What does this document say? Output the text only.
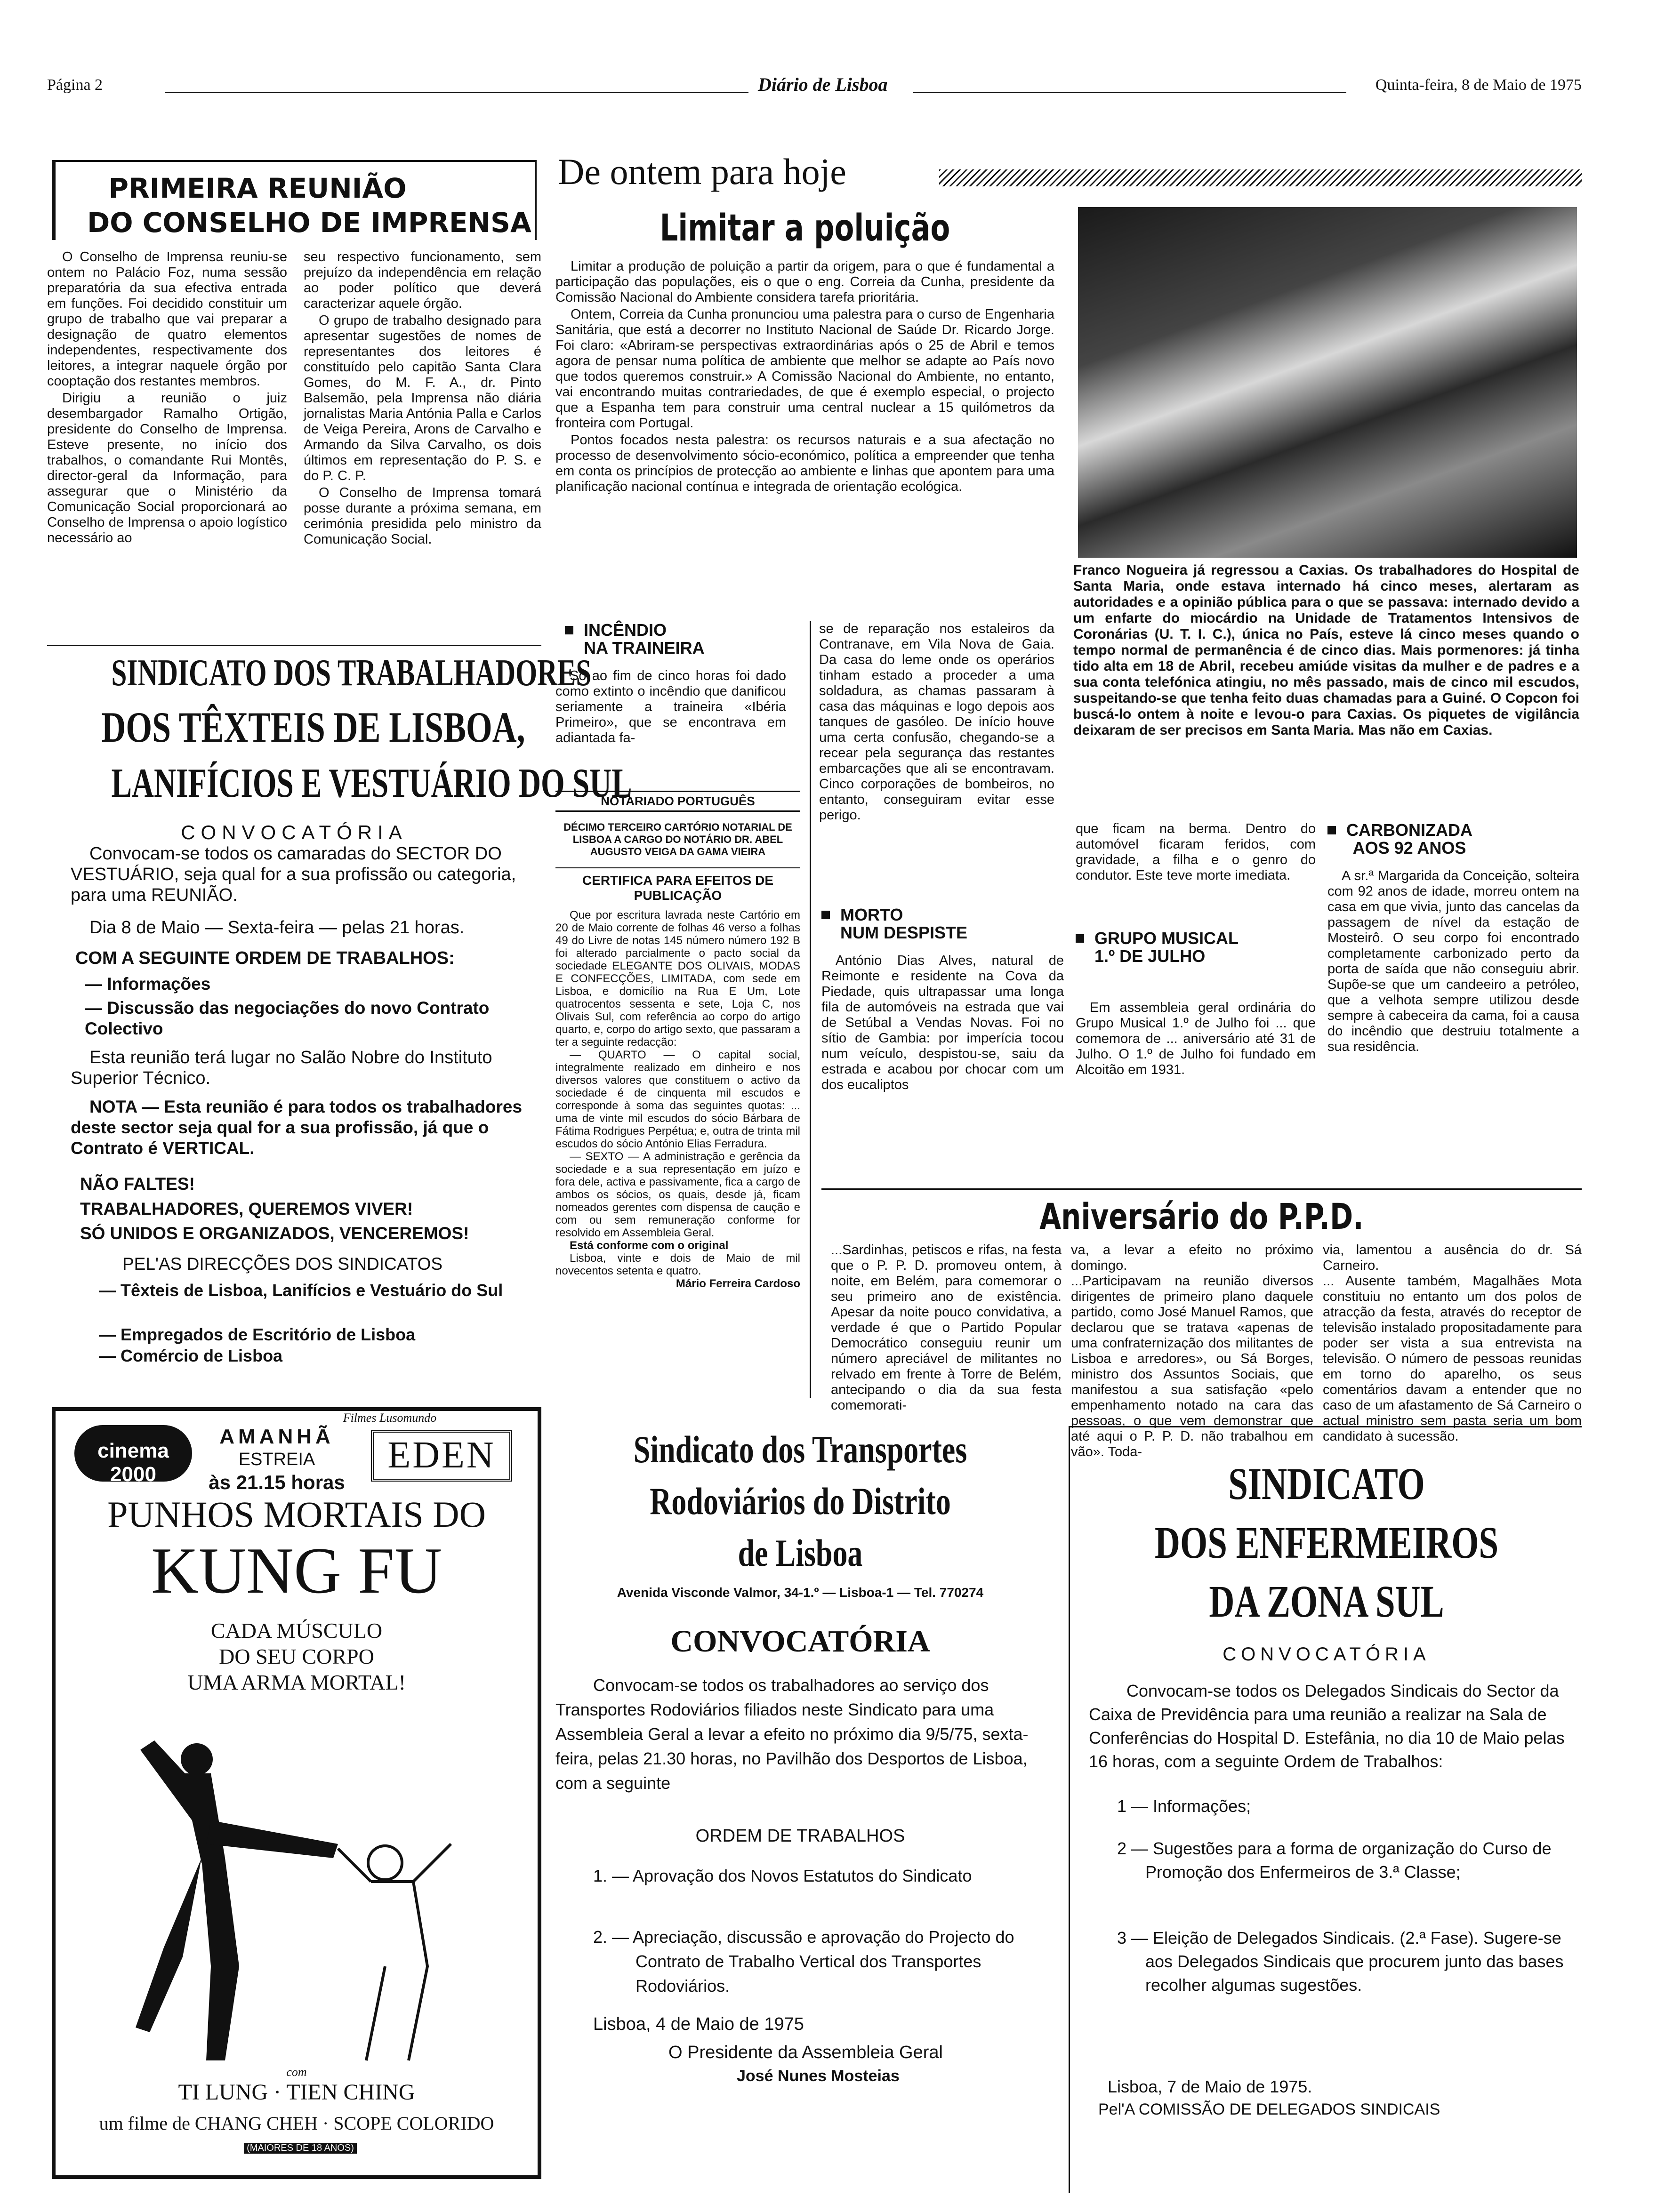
Página 2	Diário de Lisboa	Quinta-feira, 8 de Maio de 1975
PRIMEIRA REUNIÃO
DO CONSELHO DE IMPRENSA

O Conselho de Imprensa reuniu-se ontem no Palácio Foz, numa sessão preparatória da sua efectiva entrada em funções. Foi decidido constituir um grupo de trabalho que vai preparar a designação de quatro elementos independentes, respectivamente dos leitores, a integrar naquele órgão por cooptação dos restantes membros.

Dirigiu a reunião o juiz desembargador Ramalho Ortigão, presidente do Conselho de Imprensa. Esteve presente, no início dos trabalhos, o comandante Rui Montês, director-geral da Informação, para assegurar que o Ministério da Comunicação Social proporcionará ao Conselho de Imprensa o apoio logístico necessário ao

seu respectivo funcionamento, sem prejuízo da independência em relação ao poder político que deverá caracterizar aquele órgão.

O grupo de trabalho designado para apresentar sugestões de nomes de representantes dos leitores é constituído pelo capitão Santa Clara Gomes, do M. F. A., dr. Pinto Balsemão, pela Imprensa não diária jornalistas Maria Antónia Palla e Carlos de Veiga Pereira, Arons de Carvalho e Armando da Silva Carvalho, os dois últimos em representação do P. S. e do P. C. P.

O Conselho de Imprensa tomará posse durante a próxima semana, em cerimónia presidida pelo ministro da Comunicação Social.

SINDICATO DOS TRABALHADORES
DOS TÊXTEIS DE LISBOA,
LANIFÍCIOS E VESTUÁRIO DO SUL
CONVOCATÓRIA
Convocam-se todos os camaradas do SECTOR DO VESTUÁRIO, seja qual for a sua profissão ou categoria, para uma REUNIÃO.
Dia 8 de Maio — Sexta-feira — pelas 21 horas.
COM A SEGUINTE ORDEM DE TRABALHOS:
— Informações
— Discussão das negociações do novo Contrato Colectivo
Esta reunião terá lugar no Salão Nobre do Instituto Superior Técnico.
NOTA — Esta reunião é para todos os trabalhadores deste sector seja qual for a sua profissão, já que o Contrato é VERTICAL.
NÃO FALTES!
TRABALHADORES, QUEREMOS VIVER!
SÓ UNIDOS E ORGANIZADOS, VENCEREMOS!
PEL'AS DIRECÇÕES DOS SINDICATOS
— Têxteis de Lisboa, Lanifícios e Vestuário do Sul
— Empregados de Escritório de Lisboa
— Comércio de Lisboa
Filmes Lusomundo
cinema 2000
AMANHÃ
ESTREIA
às 21.15 horas
EDEN
PUNHOS MORTAIS DO
KUNG FU
CADA MÚSCULO
DO SEU CORPO
UMA ARMA MORTAL!
com
TI LUNG · TIEN CHING
um filme de CHANG CHEH · SCOPE COLORIDO
(MAIORES DE 18 ANOS)
De ontem para hoje
Limitar a poluição

Limitar a produção de poluição a partir da origem, para o que é fundamental a participação das populações, eis o que o eng. Correia da Cunha, presidente da Comissão Nacional do Ambiente considera tarefa prioritária.

Ontem, Correia da Cunha pronunciou uma palestra para o curso de Engenharia Sanitária, que está a decorrer no Instituto Nacional de Saúde Dr. Ricardo Jorge. Foi claro: «Abriram-se perspectivas extraordinárias após o 25 de Abril e temos agora de pensar numa política de ambiente que melhor se adapte ao País novo que todos queremos construir.» A Comissão Nacional do Ambiente, no entanto, vai encontrando muitas contrariedades, de que é exemplo especial, o projecto que a Espanha tem para construir uma central nuclear a 15 quilómetros da fronteira com Portugal.

Pontos focados nesta palestra: os recursos naturais e a sua afectação no processo de desenvolvimento sócio-económico, política a empreender que tenha em conta os princípios de protecção ao ambiente e linhas que apontem para uma planificação nacional contínua e integrada de orientação ecológica.

Franco Nogueira já regressou a Caxias. Os trabalhadores do Hospital de Santa Maria, onde estava internado há cinco meses, alertaram as autoridades e a opinião pública para o que se passava: internado devido a um enfarte do miocárdio na Unidade de Tratamentos Intensivos de Coronárias (U. T. I. C.), única no País, esteve lá cinco meses quando o tempo normal de permanência é de cinco dias. Mais pormenores: já tinha tido alta em 18 de Abril, recebeu amiúde visitas da mulher e de padres e a sua conta telefónica atingiu, no mês passado, mais de cinco mil escudos, suspeitando-se que tenha feito duas chamadas para a Guiné. O Copcon foi buscá-lo ontem à noite e levou-o para Caxias. Os piquetes de vigilância deixaram de ser precisos em Santa Maria. Mas não em Caxias.
INCÊNDIO
NA TRAINEIRA
Só ao fim de cinco horas foi dado como extinto o incêndio que danificou seriamente a traineira «Ibéria Primeiro», que se encontrava em adiantada fa-
se de reparação nos estaleiros da Contranave, em Vila Nova de Gaia. Da casa do leme onde os operários tinham estado a proceder a uma soldadura, as chamas passaram à casa das máquinas e logo depois aos tanques de gasóleo. De início houve uma certa confusão, chegando-se a recear pela segurança das restantes embarcações que ali se encontravam. Cinco corporações de bombeiros, no entanto, conseguiram evitar esse perigo.
NOTARIADO PORTUGUÊS
DÉCIMO TERCEIRO CARTÓRIO NOTARIAL DE LISBOA A CARGO DO NOTÁRIO DR. ABEL AUGUSTO VEIGA DA GAMA VIEIRA
CERTIFICA PARA EFEITOS DE PUBLICAÇÃO
Que por escritura lavrada neste Cartório em 20 de Maio corrente de folhas 46 verso a folhas 49 do Livre de notas 145 número número 192 B foi alterado parcialmente o pacto social da sociedade ELEGANTE DOS OLIVAIS, MODAS E CONFECÇÕES, LIMITADA, com sede em Lisboa, e domicílio na Rua E Um, Lote quatrocentos sessenta e sete, Loja C, nos Olivais Sul, com referência ao corpo do artigo quarto, e, corpo do artigo sexto, que passaram a ter a seguinte redacção:
— QUARTO — O capital social, integralmente realizado em dinheiro e nos diversos valores que constituem o activo da sociedade é de cinquenta mil escudos e corresponde à soma das seguintes quotas: ... uma de vinte mil escudos do sócio Bárbara de Fátima Rodrigues Perpétua; e, outra de trinta mil escudos do sócio António Elias Ferradura.
— SEXTO — A administração e gerência da sociedade e a sua representação em juízo e fora dele, activa e passivamente, fica a cargo de ambos os sócios, os quais, desde já, ficam nomeados gerentes com dispensa de caução e com ou sem remuneração conforme for resolvido em Assembleia Geral.
Está conforme com o original
Lisboa, vinte e dois de Maio de mil novecentos setenta e quatro.
Mário Ferreira Cardoso
MORTO
NUM DESPISTE
António Dias Alves, natural de Reimonte e residente na Cova da Piedade, quis ultrapassar uma longa fila de automóveis na estrada que vai de Setúbal a Vendas Novas. Foi no sítio de Gambia: por imperícia tocou num veículo, despistou-se, saiu da estrada e acabou por chocar com um dos eucaliptos
que ficam na berma. Dentro do automóvel ficaram feridos, com gravidade, a filha e o genro do condutor. Este teve morte imediata.
GRUPO MUSICAL
1.º DE JULHO
Em assembleia geral ordinária do Grupo Musical 1.º de Julho foi ... que comemora de ... aniversário até 31 de Julho. O 1.º de Julho foi fundado em Alcoitão em 1931.
CARBONIZADA
AOS 92 ANOS
A sr.ª Margarida da Conceição, solteira com 92 anos de idade, morreu ontem na casa em que vivia, junto das cancelas da passagem de nível da estação de Mosteirô. O seu corpo foi encontrado completamente carbonizado perto da porta de saída que não conseguiu abrir. Supõe-se que um candeeiro a petróleo, que a velhota sempre utilizou desde sempre à cabeceira da cama, foi a causa do incêndio que destruiu totalmente a sua residência.
Aniversário do P.P.D.
...Sardinhas, petiscos e rifas, na festa que o P. P. D. promoveu ontem, à noite, em Belém, para comemorar o seu primeiro ano de existência. Apesar da noite pouco convidativa, a verdade é que o Partido Popular Democrático conseguiu reunir um número apreciável de militantes no relvado em frente à Torre de Belém, antecipando o dia da sua festa comemorati-
va, a levar a efeito no próximo domingo.
...Participavam na reunião diversos dirigentes de primeiro plano daquele partido, como José Manuel Ramos, que declarou que se tratava «apenas de uma confraternização dos militantes de Lisboa e arredores», ou Sá Borges, ministro dos Assuntos Sociais, que manifestou a sua satisfação «pelo empenhamento notado na cara das pessoas, o que vem demonstrar que até aqui o P. P. D. não trabalhou em vão». Toda-
via, lamentou a ausência do dr. Sá Carneiro.
... Ausente também, Magalhães Mota constituiu no entanto um dos polos de atracção da festa, através do receptor de televisão instalado propositadamente para poder ser vista a sua entrevista na televisão. O número de pessoas reunidas em torno do aparelho, os seus comentários davam a entender que no caso de um afastamento de Sá Carneiro o actual ministro sem pasta seria um bom candidato à sucessão.
Sindicato dos Transportes
Rodoviários do Distrito
de Lisboa
Avenida Visconde Valmor, 34-1.º — Lisboa-1 — Tel. 770274
CONVOCATÓRIA
Convocam-se todos os trabalhadores ao serviço dos Transportes Rodoviários filiados neste Sindicato para uma Assembleia Geral a levar a efeito no próximo dia 9/5/75, sexta-feira, pelas 21.30 horas, no Pavilhão dos Desportos de Lisboa, com a seguinte
ORDEM DE TRABALHOS
1. — Aprovação dos Novos Estatutos do Sindicato
2. — Apreciação, discussão e aprovação do Projecto do Contrato de Trabalho Vertical dos Transportes Rodoviários.
Lisboa, 4 de Maio de 1975
O Presidente da Assembleia Geral
José Nunes Mosteias
SINDICATO
DOS ENFERMEIROS
DA ZONA SUL
CONVOCATÓRIA
Convocam-se todos os Delegados Sindicais do Sector da Caixa de Previdência para uma reunião a realizar na Sala de Conferências do Hospital D. Estefânia, no dia 10 de Maio pelas 16 horas, com a seguinte Ordem de Trabalhos:
1 — Informações;
2 — Sugestões para a forma de organização do Curso de Promoção dos Enfermeiros de 3.ª Classe;
3 — Eleição de Delegados Sindicais. (2.ª Fase). Sugere-se aos Delegados Sindicais que procurem junto das bases recolher algumas sugestões.
Lisboa, 7 de Maio de 1975.
Pel'A COMISSÃO DE DELEGADOS SINDICAIS
